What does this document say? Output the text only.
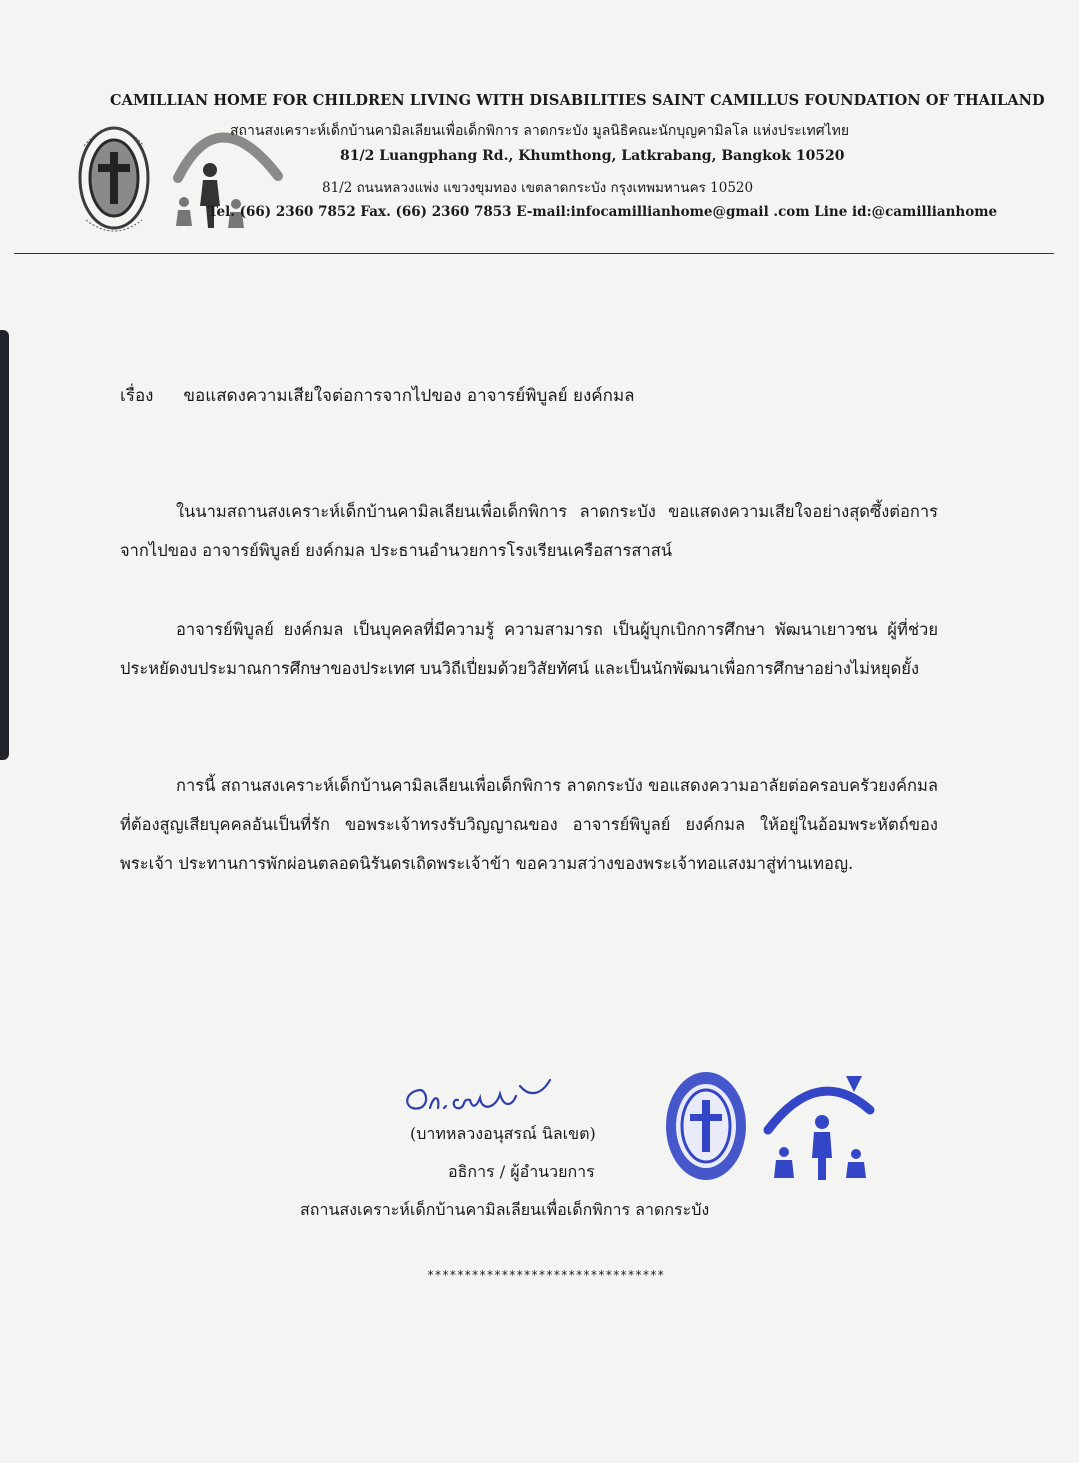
CAMILLIAN HOME FOR CHILDREN LIVING WITH DISABILITIES SAINT CAMILLUS FOUNDATION OF THAILAND
สถานสงเคราะห์เด็กบ้านคามิลเลียนเพื่อเด็กพิการ ลาดกระบัง มูลนิธิคณะนักบุญคามิลโล แห่งประเทศไทย
81/2 Luangphang Rd., Khumthong, Latkrabang, Bangkok 10520
81/2 ถนนหลวงแพ่ง แขวงขุมทอง เขตลาดกระบัง กรุงเทพมหานคร 10520
Tel. (66) 2360 7852 Fax. (66) 2360 7853 E-mail:infocamillianhome@gmail .com Line id:@camillianhome
เรื่อง ขอแสดงความเสียใจต่อการจากไปของ อาจารย์พิบูลย์ ยงค์กมล

ในนามสถานสงเคราะห์เด็กบ้านคามิลเลียนเพื่อเด็กพิการ ลาดกระบัง ขอแสดงความเสียใจอย่างสุดซึ้งต่อการจากไปของ อาจารย์พิบูลย์ ยงค์กมล ประธานอำนวยการโรงเรียนเครือสารสาสน์

อาจารย์พิบูลย์ ยงค์กมล เป็นบุคคลที่มีความรู้ ความสามารถ เป็นผู้บุกเบิกการศึกษา พัฒนาเยาวชน ผู้ที่ช่วยประหยัดงบประมาณการศึกษาของประเทศ บนวิถีเปี่ยมด้วยวิสัยทัศน์ และเป็นนักพัฒนาเพื่อการศึกษาอย่างไม่หยุดยั้ง

การนี้ สถานสงเคราะห์เด็กบ้านคามิลเลียนเพื่อเด็กพิการ ลาดกระบัง ขอแสดงความอาลัยต่อครอบครัวยงค์กมล ที่ต้องสูญเสียบุคคลอันเป็นที่รัก ขอพระเจ้าทรงรับวิญญาณของ อาจารย์พิบูลย์ ยงค์กมล ให้อยู่ในอ้อมพระหัตถ์ของพระเจ้า ประทานการพักผ่อนตลอดนิรันดรเถิดพระเจ้าข้า ขอความสว่างของพระเจ้าทอแสงมาสู่ท่านเทอญ.

(บาทหลวงอนุสรณ์ นิลเขต)
อธิการ / ผู้อำนวยการ
สถานสงเคราะห์เด็กบ้านคามิลเลียนเพื่อเด็กพิการ ลาดกระบัง
********************************
